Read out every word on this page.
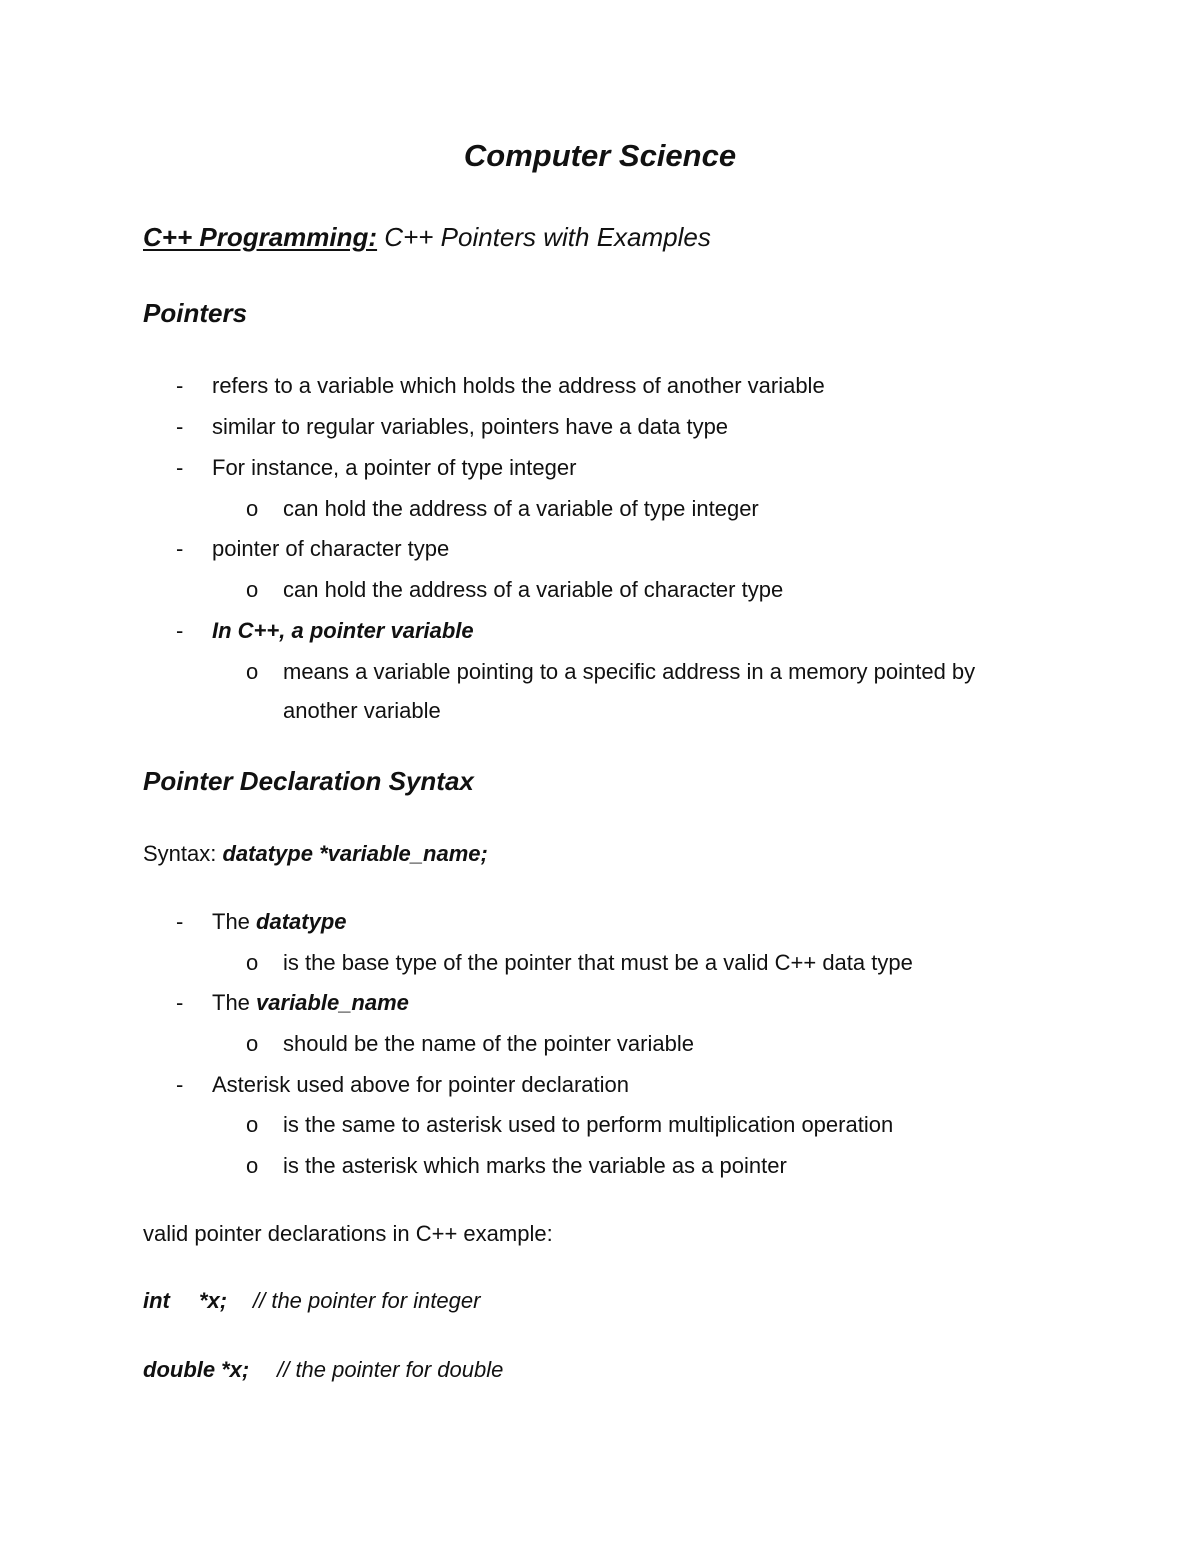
Computer Science
C++ Programming: C++ Pointers with Examples
Pointers
-	refers to a variable which holds the address of another variable
-	similar to regular variables, pointers have a data type
-	For instance, a pointer of type integer
o can hold the address of a variable of type integer
-	pointer of character type
o can hold the address of a variable of character type
-	In C++, a pointer variable
o means a variable pointing to a specific address in a memory pointed by
another variable
Pointer Declaration Syntax
Syntax: datatype *variable_name;
-	The datatype
o is the base type of the pointer that must be a valid C++ data type
-	The variable_name
o should be the name of the pointer variable
-	Asterisk used above for pointer declaration
o is the same to asterisk used to perform multiplication operation
o is the asterisk which marks the variable as a pointer
valid pointer declarations in C++ example:
int *x; // the pointer for integer
double *x; // the pointer for double
